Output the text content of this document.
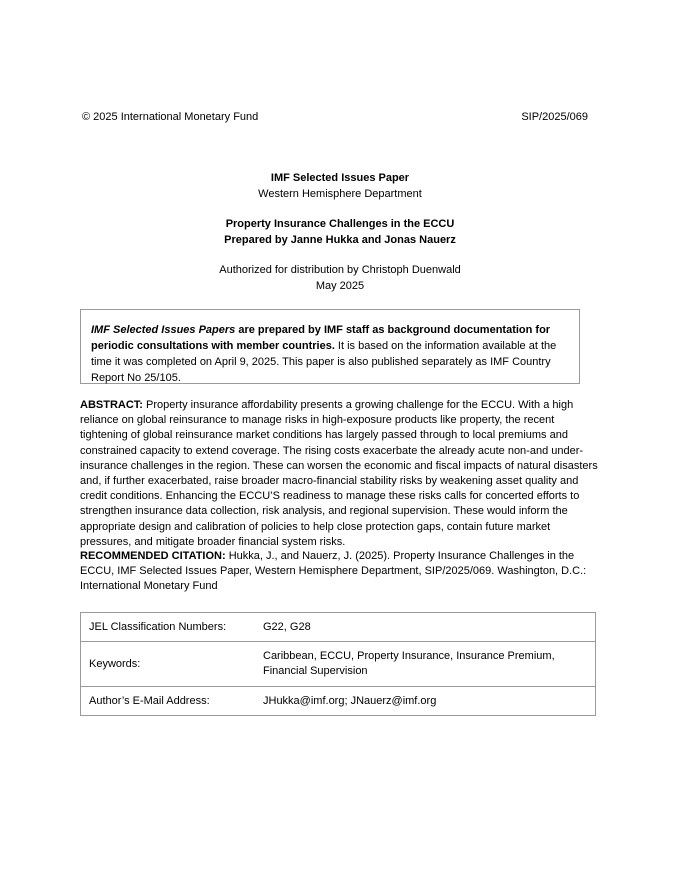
© 2025 International Monetary Fund	SIP/2025/069
IMF Selected Issues Paper
Western Hemisphere Department
Property Insurance Challenges in the ECCU
Prepared by Janne Hukka and Jonas Nauerz
Authorized for distribution by Christoph Duenwald
May 2025
IMF Selected Issues Papers are prepared by IMF staff as background documentation for periodic consultations with member countries. It is based on the information available at the time it was completed on April 9, 2025. This paper is also published separately as IMF Country Report No 25/105.
ABSTRACT: Property insurance affordability presents a growing challenge for the ECCU. With a high reliance on global reinsurance to manage risks in high-exposure products like property, the recent tightening of global reinsurance market conditions has largely passed through to local premiums and constrained capacity to extend coverage. The rising costs exacerbate the already acute non-and under-insurance challenges in the region. These can worsen the economic and fiscal impacts of natural disasters and, if further exacerbated, raise broader macro-financial stability risks by weakening asset quality and credit conditions. Enhancing the ECCU’S readiness to manage these risks calls for concerted efforts to strengthen insurance data collection, risk analysis, and regional supervision. These would inform the appropriate design and calibration of policies to help close protection gaps, contain future market pressures, and mitigate broader financial system risks.
RECOMMENDED CITATION: Hukka, J., and Nauerz, J. (2025). Property Insurance Challenges in the ECCU, IMF Selected Issues Paper, Western Hemisphere Department, SIP/2025/069. Washington, D.C.: International Monetary Fund
JEL Classification Numbers:	G22, G28
Keywords:	Caribbean, ECCU, Property Insurance, Insurance Premium, Financial Supervision
Author’s E-Mail Address:	JHukka@imf.org; JNauerz@imf.org
